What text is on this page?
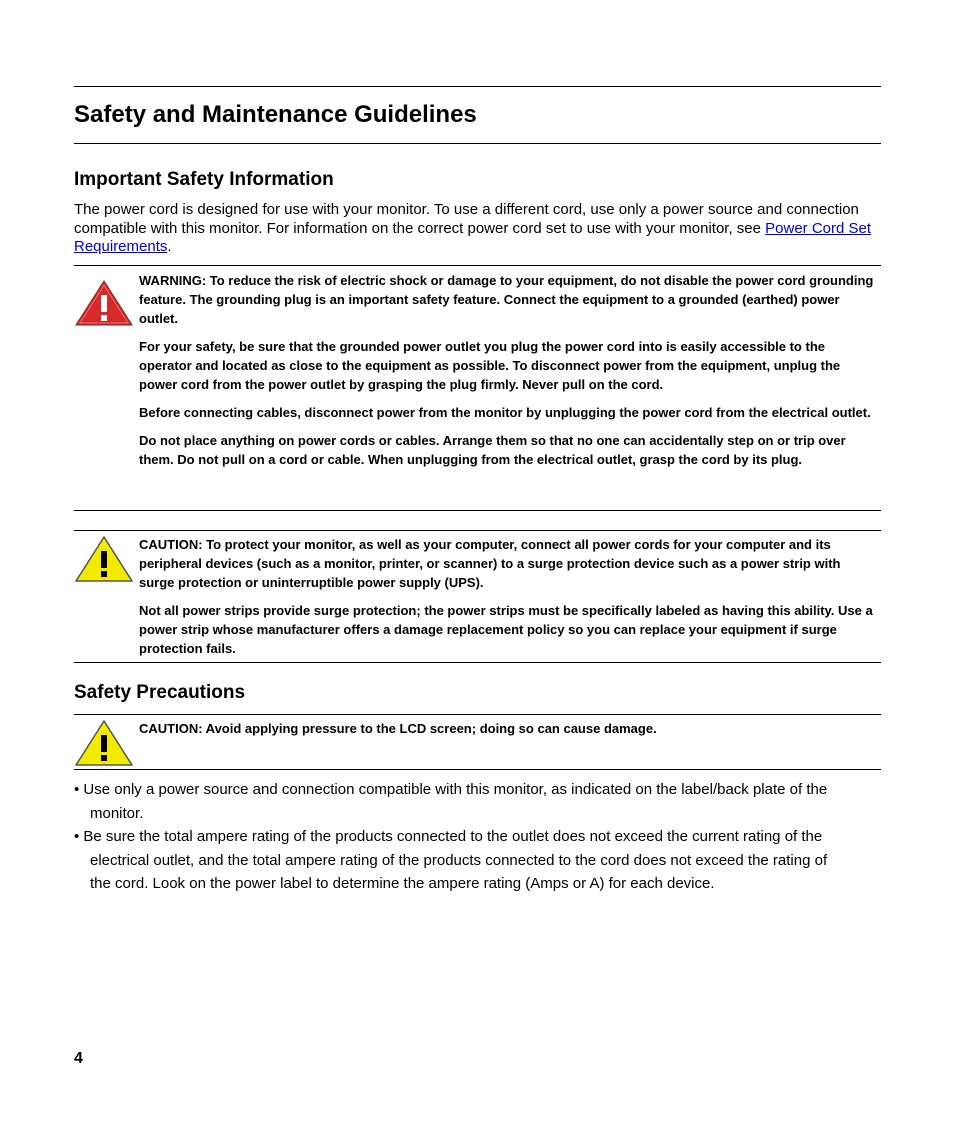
Safety and Maintenance Guidelines
Important Safety Information

The power cord is designed for use with your monitor. To use a different cord, use only a power source and connection compatible with this monitor. For information on the correct power cord set to use with your monitor, see Power Cord Set Requirements.

WARNING: To reduce the risk of electric shock or damage to your equipment, do not disable the power cord grounding feature. The grounding plug is an important safety feature. Connect the equipment to a grounded (earthed) power outlet.

For your safety, be sure that the grounded power outlet you plug the power cord into is easily accessible to the operator and located as close to the equipment as possible. To disconnect power from the equipment, unplug the power cord from the power outlet by grasping the plug firmly. Never pull on the cord.

Before connecting cables, disconnect power from the monitor by unplugging the power cord from the electrical outlet.

Do not place anything on power cords or cables. Arrange them so that no one can accidentally step on or trip over them. Do not pull on a cord or cable. When unplugging from the electrical outlet, grasp the cord by its plug.

CAUTION: To protect your monitor, as well as your computer, connect all power cords for your computer and its peripheral devices (such as a monitor, printer, or scanner) to a surge protection device such as a power strip with surge protection or uninterruptible power supply (UPS).

Not all power strips provide surge protection; the power strips must be specifically labeled as having this ability. Use a power strip whose manufacturer offers a damage replacement policy so you can replace your equipment if surge protection fails.

Safety Precautions

CAUTION: Avoid applying pressure to the LCD screen; doing so can cause damage.

• Use only a power source and connection compatible with this monitor, as indicated on the label/back plate of the monitor.
• Be sure the total ampere rating of the products connected to the outlet does not exceed the current rating of the electrical outlet, and the total ampere rating of the products connected to the cord does not exceed the rating of the cord. Look on the power label to determine the ampere rating (Amps or A) for each device.
4
